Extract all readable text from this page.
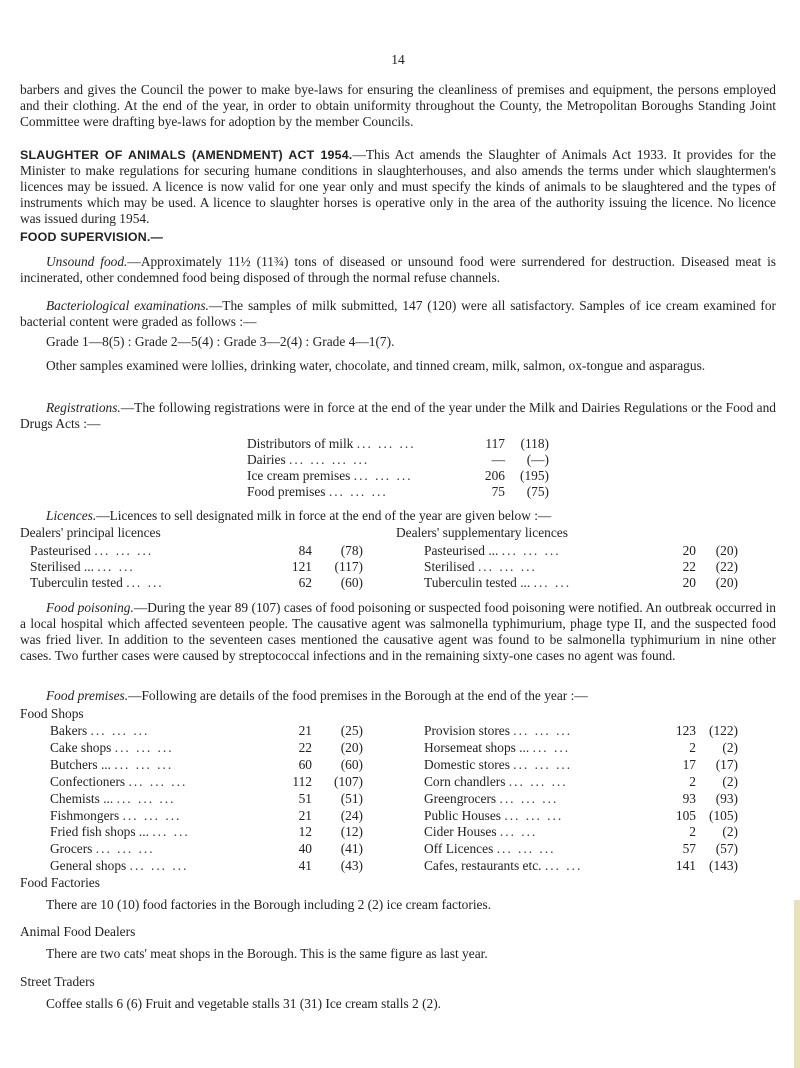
14

barbers and gives the Council the power to make bye-laws for ensuring the cleanliness of premises and equipment, the persons employed and their clothing. At the end of the year, in order to obtain uniformity throughout the County, the Metropolitan Boroughs Standing Joint Committee were drafting bye-laws for adoption by the member Councils.

SLAUGHTER OF ANIMALS (AMENDMENT) ACT 1954.—This Act amends the Slaughter of Animals Act 1933. It provides for the Minister to make regulations for securing humane conditions in slaughterhouses, and also amends the terms under which slaughtermen's licences may be issued. A licence is now valid for one year only and must specify the kinds of animals to be slaughtered and the types of instruments which may be used. A licence to slaughter horses is operative only in the area of the authority issuing the licence. No licence was issued during 1954.

FOOD SUPERVISION.—

Unsound food.—Approximately 11½ (11¾) tons of diseased or unsound food were surrendered for destruction. Diseased meat is incinerated, other condemned food being disposed of through the normal refuse channels.

Bacteriological examinations.—The samples of milk submitted, 147 (120) were all satisfactory. Samples of ice cream examined for bacterial content were graded as follows :—

Grade 1—8(5) : Grade 2—5(4) : Grade 3—2(4) : Grade 4—1(7).

Other samples examined were lollies, drinking water, chocolate, and tinned cream, milk, salmon, ox-tongue and asparagus.

Registrations.—The following registrations were in force at the end of the year under the Milk and Dairies Regulations or the Food and Drugs Acts :—

Distributors of milk ... ... ...	117	(118)
Dairies ... ... ... ...	—	(—)
Ice cream premises ... ... ...	206	(195)
Food premises ... ... ...	75	(75)

Licences.—Licences to sell designated milk in force at the end of the year are given below :—

Dealers' principal licences	Dealers' supplementary licences
Pasteurised ... ... ...	84	(78)	Pasteurised ... ... ... ...	20	(20)
Sterilised ... ... ...	121	(117)	Sterilised ... ... ...	22	(22)
Tuberculin tested ... ...	62	(60)	Tuberculin tested ... ... ...	20	(20)

Food poisoning.—During the year 89 (107) cases of food poisoning or suspected food poisoning were notified. An outbreak occurred in a local hospital which affected seventeen people. The causative agent was salmonella typhimurium, phage type II, and the suspected food was fried liver. In addition to the seventeen cases mentioned the causative agent was found to be salmonella typhimurium in nine other cases. Two further cases were caused by streptococcal infections and in the remaining sixty-one cases no agent was found.

Food premises.—Following are details of the food premises in the Borough at the end of the year :—

Food Shops
Bakers ... ... ...	21	(25)
Cake shops ... ... ...	22	(20)
Butchers ... ... ... ...	60	(60)
Confectioners ... ... ...	112	(107)
Chemists ... ... ... ...	51	(51)
Fishmongers ... ... ...	21	(24)
Fried fish shops ... ... ...	12	(12)
Grocers ... ... ...	40	(41)
General shops ... ... ...	41	(43)
Provision stores ... ... ...	123 (122)
Horsemeat shops ... ... ...	2	(2)
Domestic stores ... ... ...	17	(17)
Corn chandlers ... ... ...	2	(2)
Greengrocers ... ... ...	93	(93)
Public Houses ... ... ...	105 (105)
Cider Houses ... ...	2	(2)
Off Licences ... ... ...	57	(57)
Cafes, restaurants etc. ... ...	141 (143)
Food Factories
There are 10 (10) food factories in the Borough including 2 (2) ice cream factories.
Animal Food Dealers
There are two cats' meat shops in the Borough. This is the same figure as last year.
Street Traders
Coffee stalls 6 (6) Fruit and vegetable stalls 31 (31) Ice cream stalls 2 (2).
